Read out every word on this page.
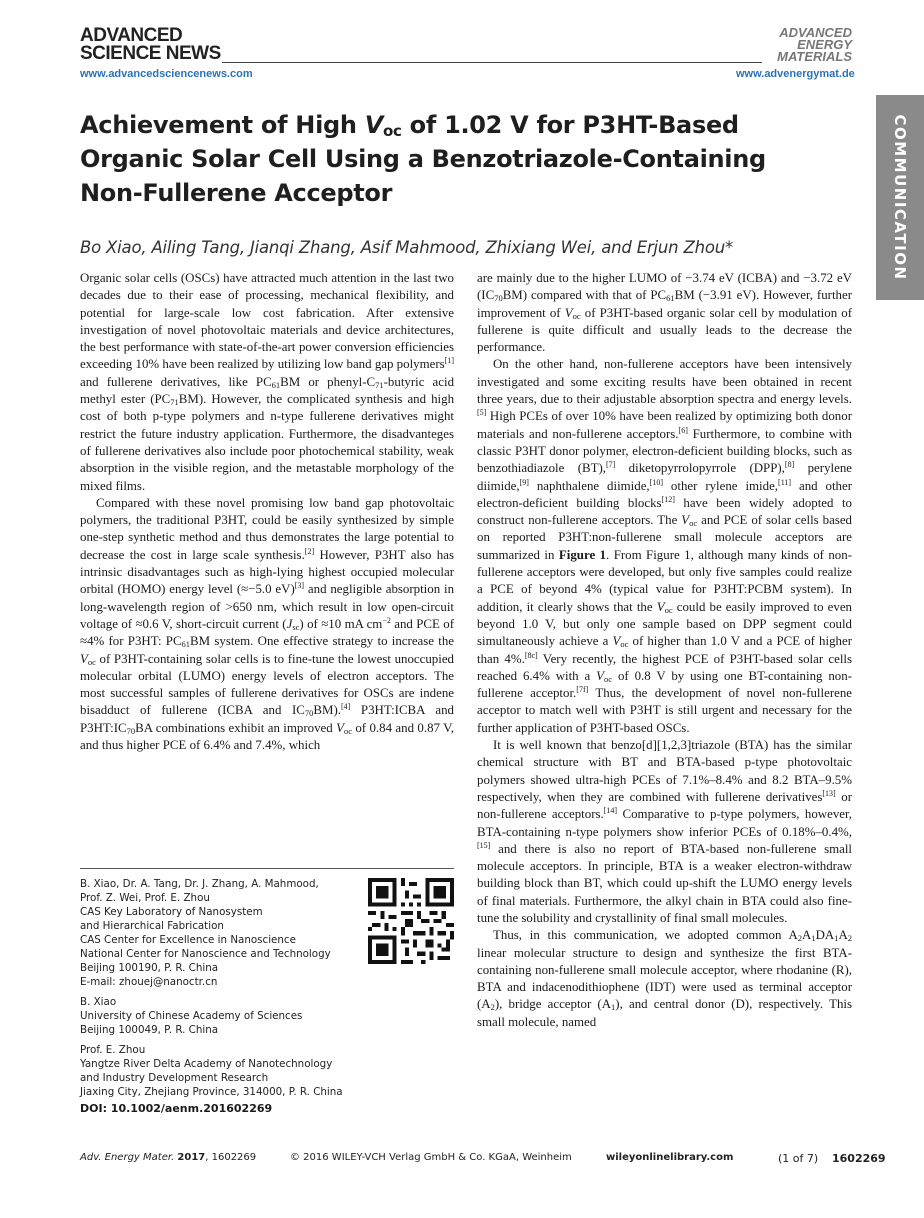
ADVANCED
SCIENCE NEWS
ADVANCED
ENERGY
MATERIALS
www.advancedsciencenews.com	www.advenergymat.de
COMMUNICATION
Achievement of High $V_{oc}$ of 1.02 V for P3HT-Based Organic Solar Cell Using a Benzotriazole-Containing Non-Fullerene Acceptor
Bo Xiao, Ailing Tang, Jianqi Zhang, Asif Mahmood, Zhixiang Wei, and Erjun Zhou*

Organic solar cells (OSCs) have attracted much attention in the last two decades due to their ease of processing, mechanical flexibility, and potential for large-scale low cost fabrication. After extensive investigation of novel photovoltaic materials and device architectures, the best performance with state-of-the-art power conversion efficiencies exceeding 10% have been realized by utilizing low band gap polymers[1] and fullerene derivatives, like $PC_{61}BM$ or phenyl-$C_{71}$-butyric acid methyl ester $(PC_{71}BM)$. However, the complicated synthesis and high cost of both p-type polymers and n-type fullerene derivatives might restrict the future industry application. Furthermore, the disadvanteges of fullerene derivatives also include poor photochemical stability, weak absorption in the visible region, and the metastable morphology of the mixed films.

Compared with these novel promising low band gap photovoltaic polymers, the traditional P3HT, could be easily synthesized by simple one-step synthetic method and thus demonstrates the large potential to decrease the cost in large scale synthesis.[2] However, P3HT also has intrinsic disadvantages such as high-lying highest occupied molecular orbital (HOMO) energy level (≈−5.0 eV)[3] and negligible absorption in long-wavelength region of >650 nm, which result in low open-circuit voltage of ≈0.6 V, short-circuit current $(J_{sc})$ of ≈10 mA $cm^{-2}$ and PCE of ≈4% for P3HT: $PC_{61}BM$ system. One effective strategy to increase the $V_{oc}$ of P3HT-containing solar cells is to fine-tune the lowest unoccupied molecular orbital (LUMO) energy levels of electron acceptors. The most successful samples of fullerene derivatives for OSCs are indene bisadduct of fullerene (ICBA and $IC_{70}BM).[4]$ P3HT:ICBA and $P3HT:IC_{70}BA$ combinations exhibit an improved $V_{oc}$ of 0.84 and 0.87 V, and thus higher PCE of 6.4% and 7.4%, which

are mainly due to the higher LUMO of −3.74 eV (ICBA) and −3.72 eV $(IC_{70}BM)$ compared with that of $PC_{61}BM$ (−3.91 eV). However, further improvement of $V_{oc}$ of P3HT-based organic solar cell by modulation of fullerene is quite difficult and usually leads to the decrease the performance.

On the other hand, non-fullerene acceptors have been intensively investigated and some exciting results have been obtained in recent three years, due to their adjustable absorption spectra and energy levels.[5] High PCEs of over 10% have been realized by optimizing both donor materials and non-fullerene acceptors.[6] Furthermore, to combine with classic P3HT donor polymer, electron-deficient building blocks, such as benzothiadiazole (BT),[7] diketopyrrolopyrrole (DPP),[8] perylene diimide,[9] naphthalene diimide,[10] other rylene imide,[11] and other electron-deficient building blocks[12] have been widely adopted to construct non-fullerene acceptors. The $V_{oc}$ and PCE of solar cells based on reported P3HT:non-fullerene small molecule acceptors are summarized in Figure 1. From Figure 1, although many kinds of non-fullerene acceptors were developed, but only five samples could realize a PCE of beyond 4% (typical value for P3HT:PCBM system). In addition, it clearly shows that the $V_{oc}$ could be easily improved to even beyond 1.0 V, but only one sample based on DPP segment could simultaneously achieve a $V_{oc}$ of higher than 1.0 V and a PCE of higher than 4%.[8c] Very recently, the highest PCE of P3HT-based solar cells reached 6.4% with a $V_{oc}$ of 0.8 V by using one BT-containing non-fullerene acceptor.[7f] Thus, the development of novel non-fullerene acceptor to match well with P3HT is still urgent and necessary for the further application of P3HT-based OSCs.

It is well known that benzo[d][1,2,3]triazole (BTA) has the similar chemical structure with BT and BTA-based p-type photovoltaic polymers showed ultra-high PCEs of 7.1%–8.4% and 8.2 BTA–9.5% respectively, when they are combined with fullerene derivatives[13] or non-fullerene acceptors.[14] Comparative to p-type polymers, however, BTA-containing n-type polymers show inferior PCEs of 0.18%–0.4%,[15] and there is also no report of BTA-based non-fullerene small molecule acceptors. In principle, BTA is a weaker electron-withdraw building block than BT, which could up-shift the LUMO energy levels of final materials. Furthermore, the alkyl chain in BTA could also fine-tune the solubility and crystallinity of final small molecules.

Thus, in this communication, we adopted common $A_2A_1DA_1A_2$ linear molecular structure to design and synthesize the first BTA-containing non-fullerene small molecule acceptor, where rhodanine (R), BTA and indacenodithiophene (IDT) were used as terminal acceptor $(A_2)$, bridge acceptor $(A_1)$, and central donor (D), respectively. This small molecule, named

B. Xiao, Dr. A. Tang, Dr. J. Zhang, A. Mahmood,
Prof. Z. Wei, Prof. E. Zhou
CAS Key Laboratory of Nanosystem
and Hierarchical Fabrication
CAS Center for Excellence in Nanoscience
National Center for Nanoscience and Technology
Beijing 100190, P. R. China
E-mail: zhouej@nanoctr.cn

B. Xiao
University of Chinese Academy of Sciences
Beijing 100049, P. R. China

Prof. E. Zhou
Yangtze River Delta Academy of Nanotechnology
and Industry Development Research
Jiaxing City, Zhejiang Province, 314000, P. R. China

DOI: 10.1002/aenm.201602269
Adv. Energy Mater. 2017, 1602269	© 2016 WILEY-VCH Verlag GmbH & Co. KGaA, Weinheim	wileyonlinelibrary.com	(1 of 7) 1602269
